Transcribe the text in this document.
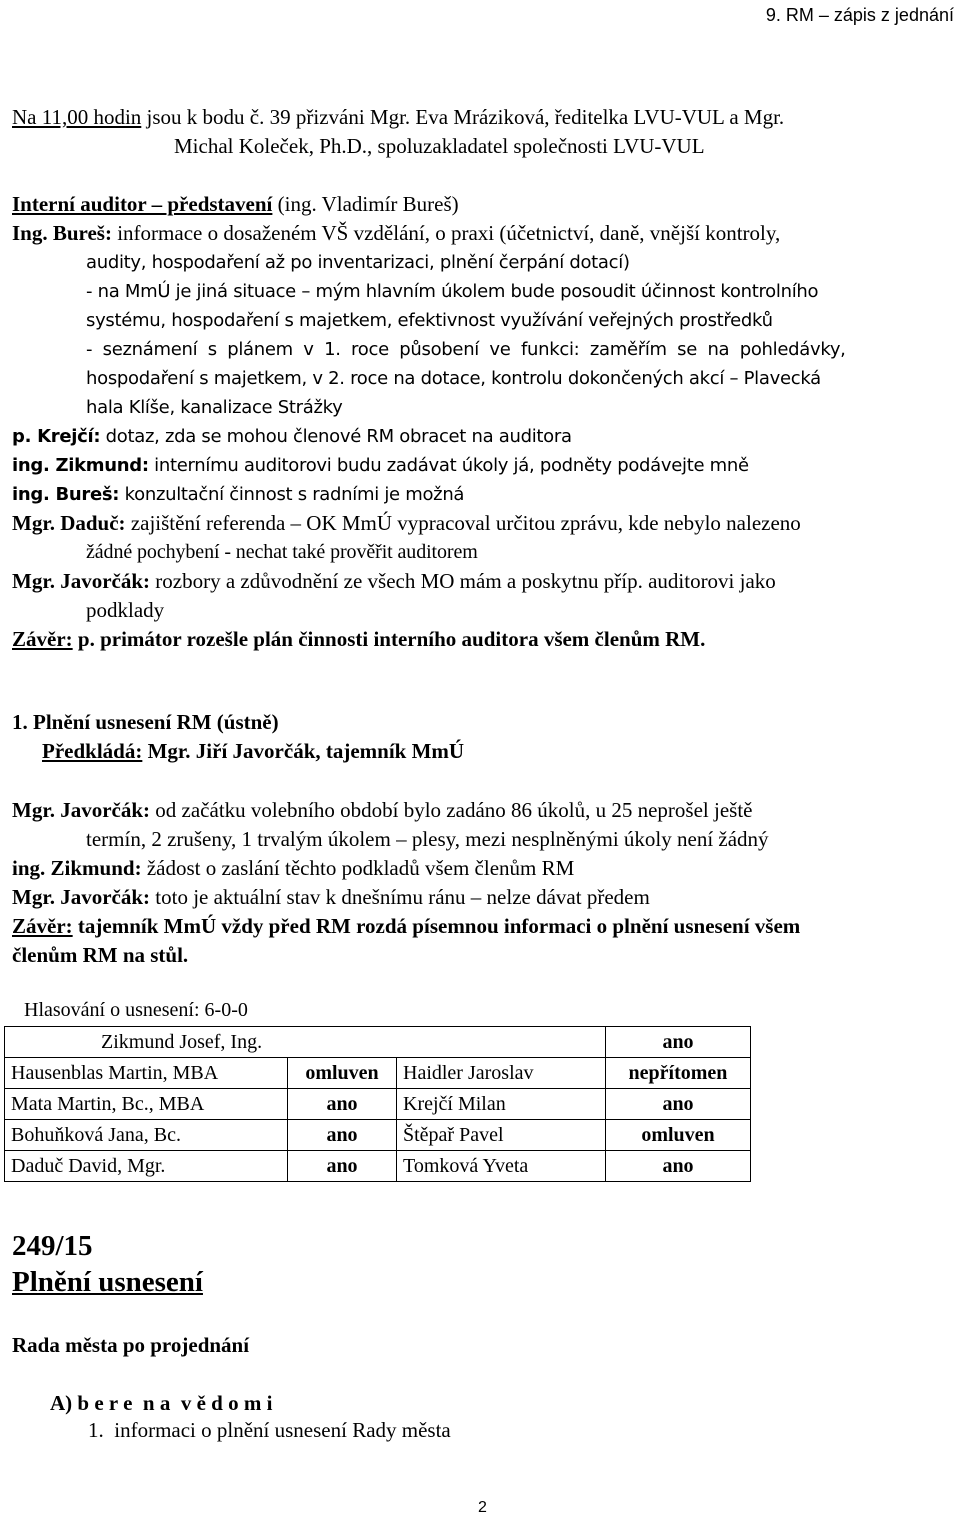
9. RM – zápis z jednání
Na 11,00 hodin jsou k bodu č. 39 přizváni Mgr. Eva Mráziková, ředitelka LVU-VUL a Mgr.
Michal Koleček, Ph.D., spoluzakladatel společnosti LVU-VUL
Interní auditor – představení (ing. Vladimír Bureš)
Ing. Bureš: informace o dosaženém VŠ vzdělání, o praxi (účetnictví, daně, vnější kontroly,
audity, hospodaření až po inventarizaci, plnění čerpání dotací)
- na MmÚ je jiná situace – mým hlavním úkolem bude posoudit účinnost kontrolního
systému, hospodaření s majetkem, efektivnost využívání veřejných prostředků
- seznámení s plánem v 1. roce působení ve funkci: zaměřím se na pohledávky,
hospodaření s majetkem, v 2. roce na dotace, kontrolu dokončených akcí – Plavecká
hala Klíše, kanalizace Strážky
p. Krejčí: dotaz, zda se mohou členové RM obracet na auditora
ing. Zikmund: internímu auditorovi budu zadávat úkoly já, podněty podávejte mně
ing. Bureš: konzultační činnost s radními je možná
Mgr. Daduč: zajištění referenda – OK MmÚ vypracoval určitou zprávu, kde nebylo nalezeno
žádné pochybení - nechat také prověřit auditorem
Mgr. Javorčák: rozbory a zdůvodnění ze všech MO mám a poskytnu příp. auditorovi jako
podklady
Závěr: p. primátor rozešle plán činnosti interního auditora všem členům RM.
1. Plnění usnesení RM (ústně)
Předkládá: Mgr. Jiří Javorčák, tajemník MmÚ
Mgr. Javorčák: od začátku volebního období bylo zadáno 86 úkolů, u 25 neprošel ještě
termín, 2 zrušeny, 1 trvalým úkolem – plesy, mezi nesplněnými úkoly není žádný
ing. Zikmund: žádost o zaslání těchto podkladů všem členům RM
Mgr. Javorčák: toto je aktuální stav k dnešnímu ránu – nelze dávat předem
Závěr: tajemník MmÚ vždy před RM rozdá písemnou informaci o plnění usnesení všem
členům RM na stůl.
Hlasování o usnesení: 6-0-0
Zikmund Josef, Ing.			ano
Hausenblas Martin, MBA	omluven	Haidler Jaroslav	nepřítomen
Mata Martin, Bc., MBA	ano	Krejčí Milan	ano
Bohuňková Jana, Bc.	ano	Štěpař Pavel	omluven
Daduč David, Mgr.	ano	Tomková Yveta	ano
249/15
Plnění usnesení
Rada města po projednání
A) b e r e  n a  v ě d o m i
1.  informaci o plnění usnesení Rady města
2
